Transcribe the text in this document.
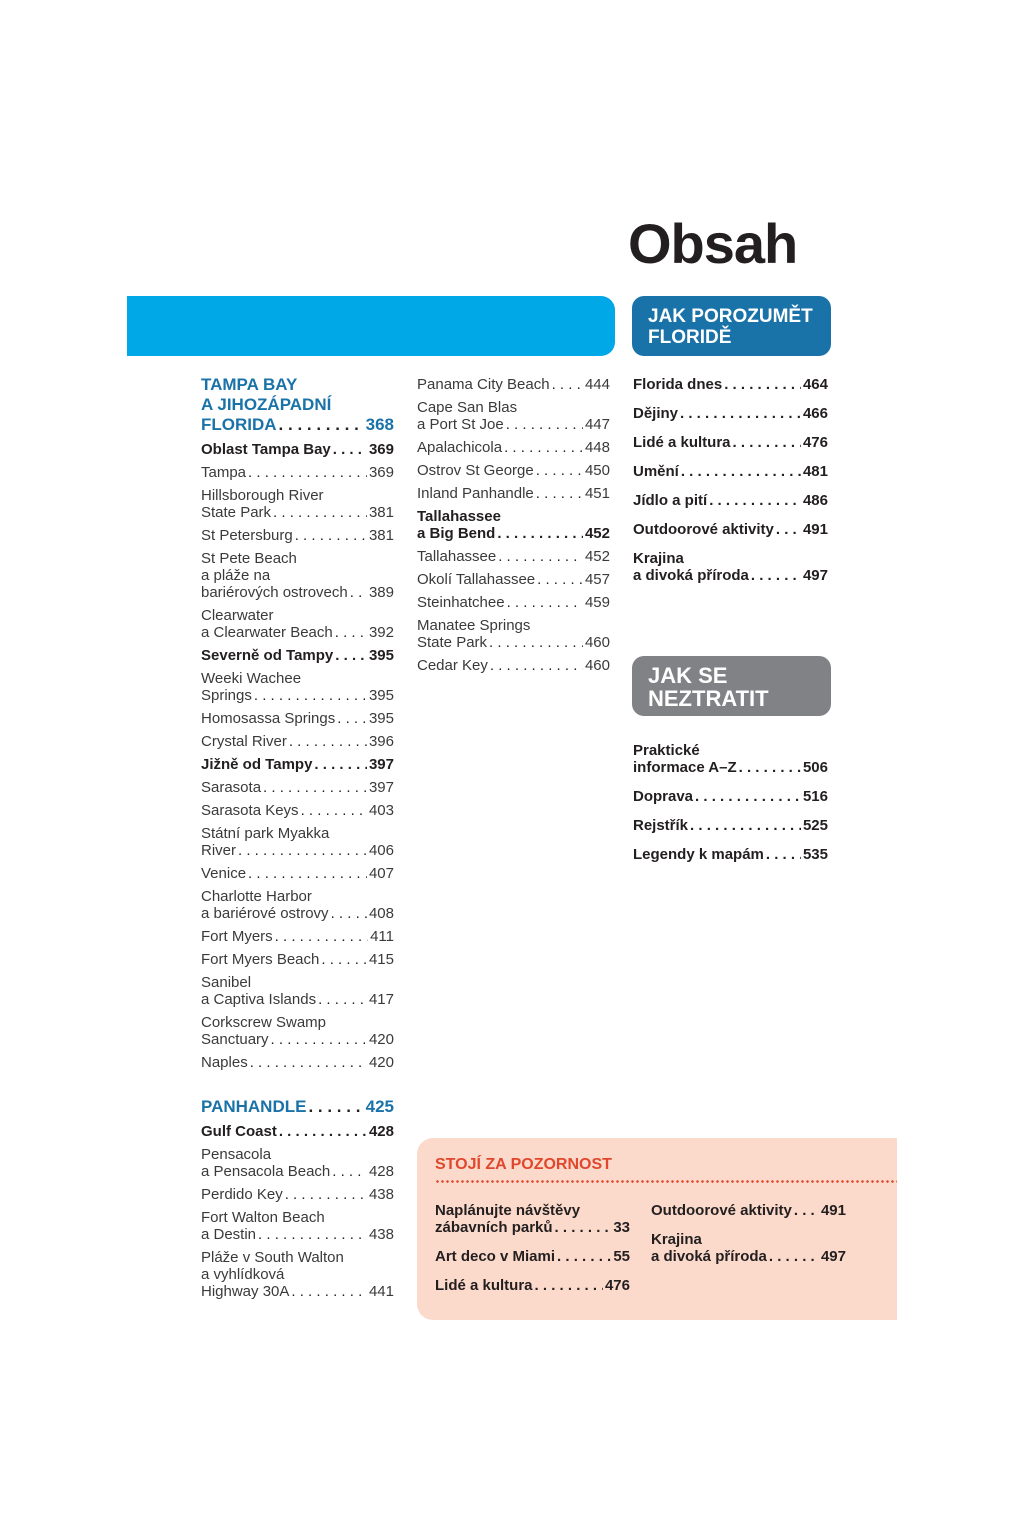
Obsah
JAK POROZUMĚT
FLORIDĚ
JAK SE
NEZTRATIT
TAMPA BAY
A JIHOZÁPADNÍ
FLORIDA . . .	368
Oblast Tampa Bay . . .	369
Tampa . . .	369
Hillsborough River
State Park . . .	381
St Petersburg . . .	381
St Pete Beach
a pláže na
bariérových ostrovech . . . 389
Clearwater
a Clearwater Beach . . . 392
Severně od Tampy . . . 395
Weeki Wachee
Springs . . .	395
Homosassa Springs . . . 395
Crystal River . . .	396
Jižně od Tampy . . .	397
Sarasota . . .	397
Sarasota Keys . . .	403
Státní park Myakka
River . . .	406
Venice . . .	407
Charlotte Harbor
a bariérové ostrovy . . .	408
Fort Myers . . .	411
Fort Myers Beach . . .	415
Sanibel
a Captiva Islands . . .	417
Corkscrew Swamp
Sanctuary . . .	420
Naples . . .	420
PANHANDLE . . .	425
Gulf Coast . . .	428
Pensacola
a Pensacola Beach . . .	428
Perdido Key . . .	438
Fort Walton Beach
a Destin . . .	438
Pláže v South Walton
a vyhlídková
Highway 30A . . .	441
Panama City Beach . . . 444
Cape San Blas
a Port St Joe . . .	447
Apalachicola . . .	448
Ostrov St George . . .	450
Inland Panhandle . . .	451
Tallahassee
a Big Bend . . .	452
Tallahassee . . .	452
Okolí Tallahassee . . .	457
Steinhatchee . . .	459
Manatee Springs
State Park . . .	460
Cedar Key . . .	460
Florida dnes . . .	464
Dějiny . . .	466
Lidé a kultura . . .	476
Umění . . .	481
Jídlo a pití . . .	486
Outdoorové aktivity . . . 491
Krajina
a divoká příroda . . .	497
Praktické
informace A–Z . . .	506
Doprava . . .	516
Rejstřík . . .	525
Legendy k mapám . . .	535
STOJÍ ZA POZORNOST
Naplánujte návštěvy
zábavních parků . . .	33
Art deco v Miami . . .	55
Lidé a kultura . . .	476
Outdoorové aktivity . . . 491
Krajina
a divoká příroda . . .	497
